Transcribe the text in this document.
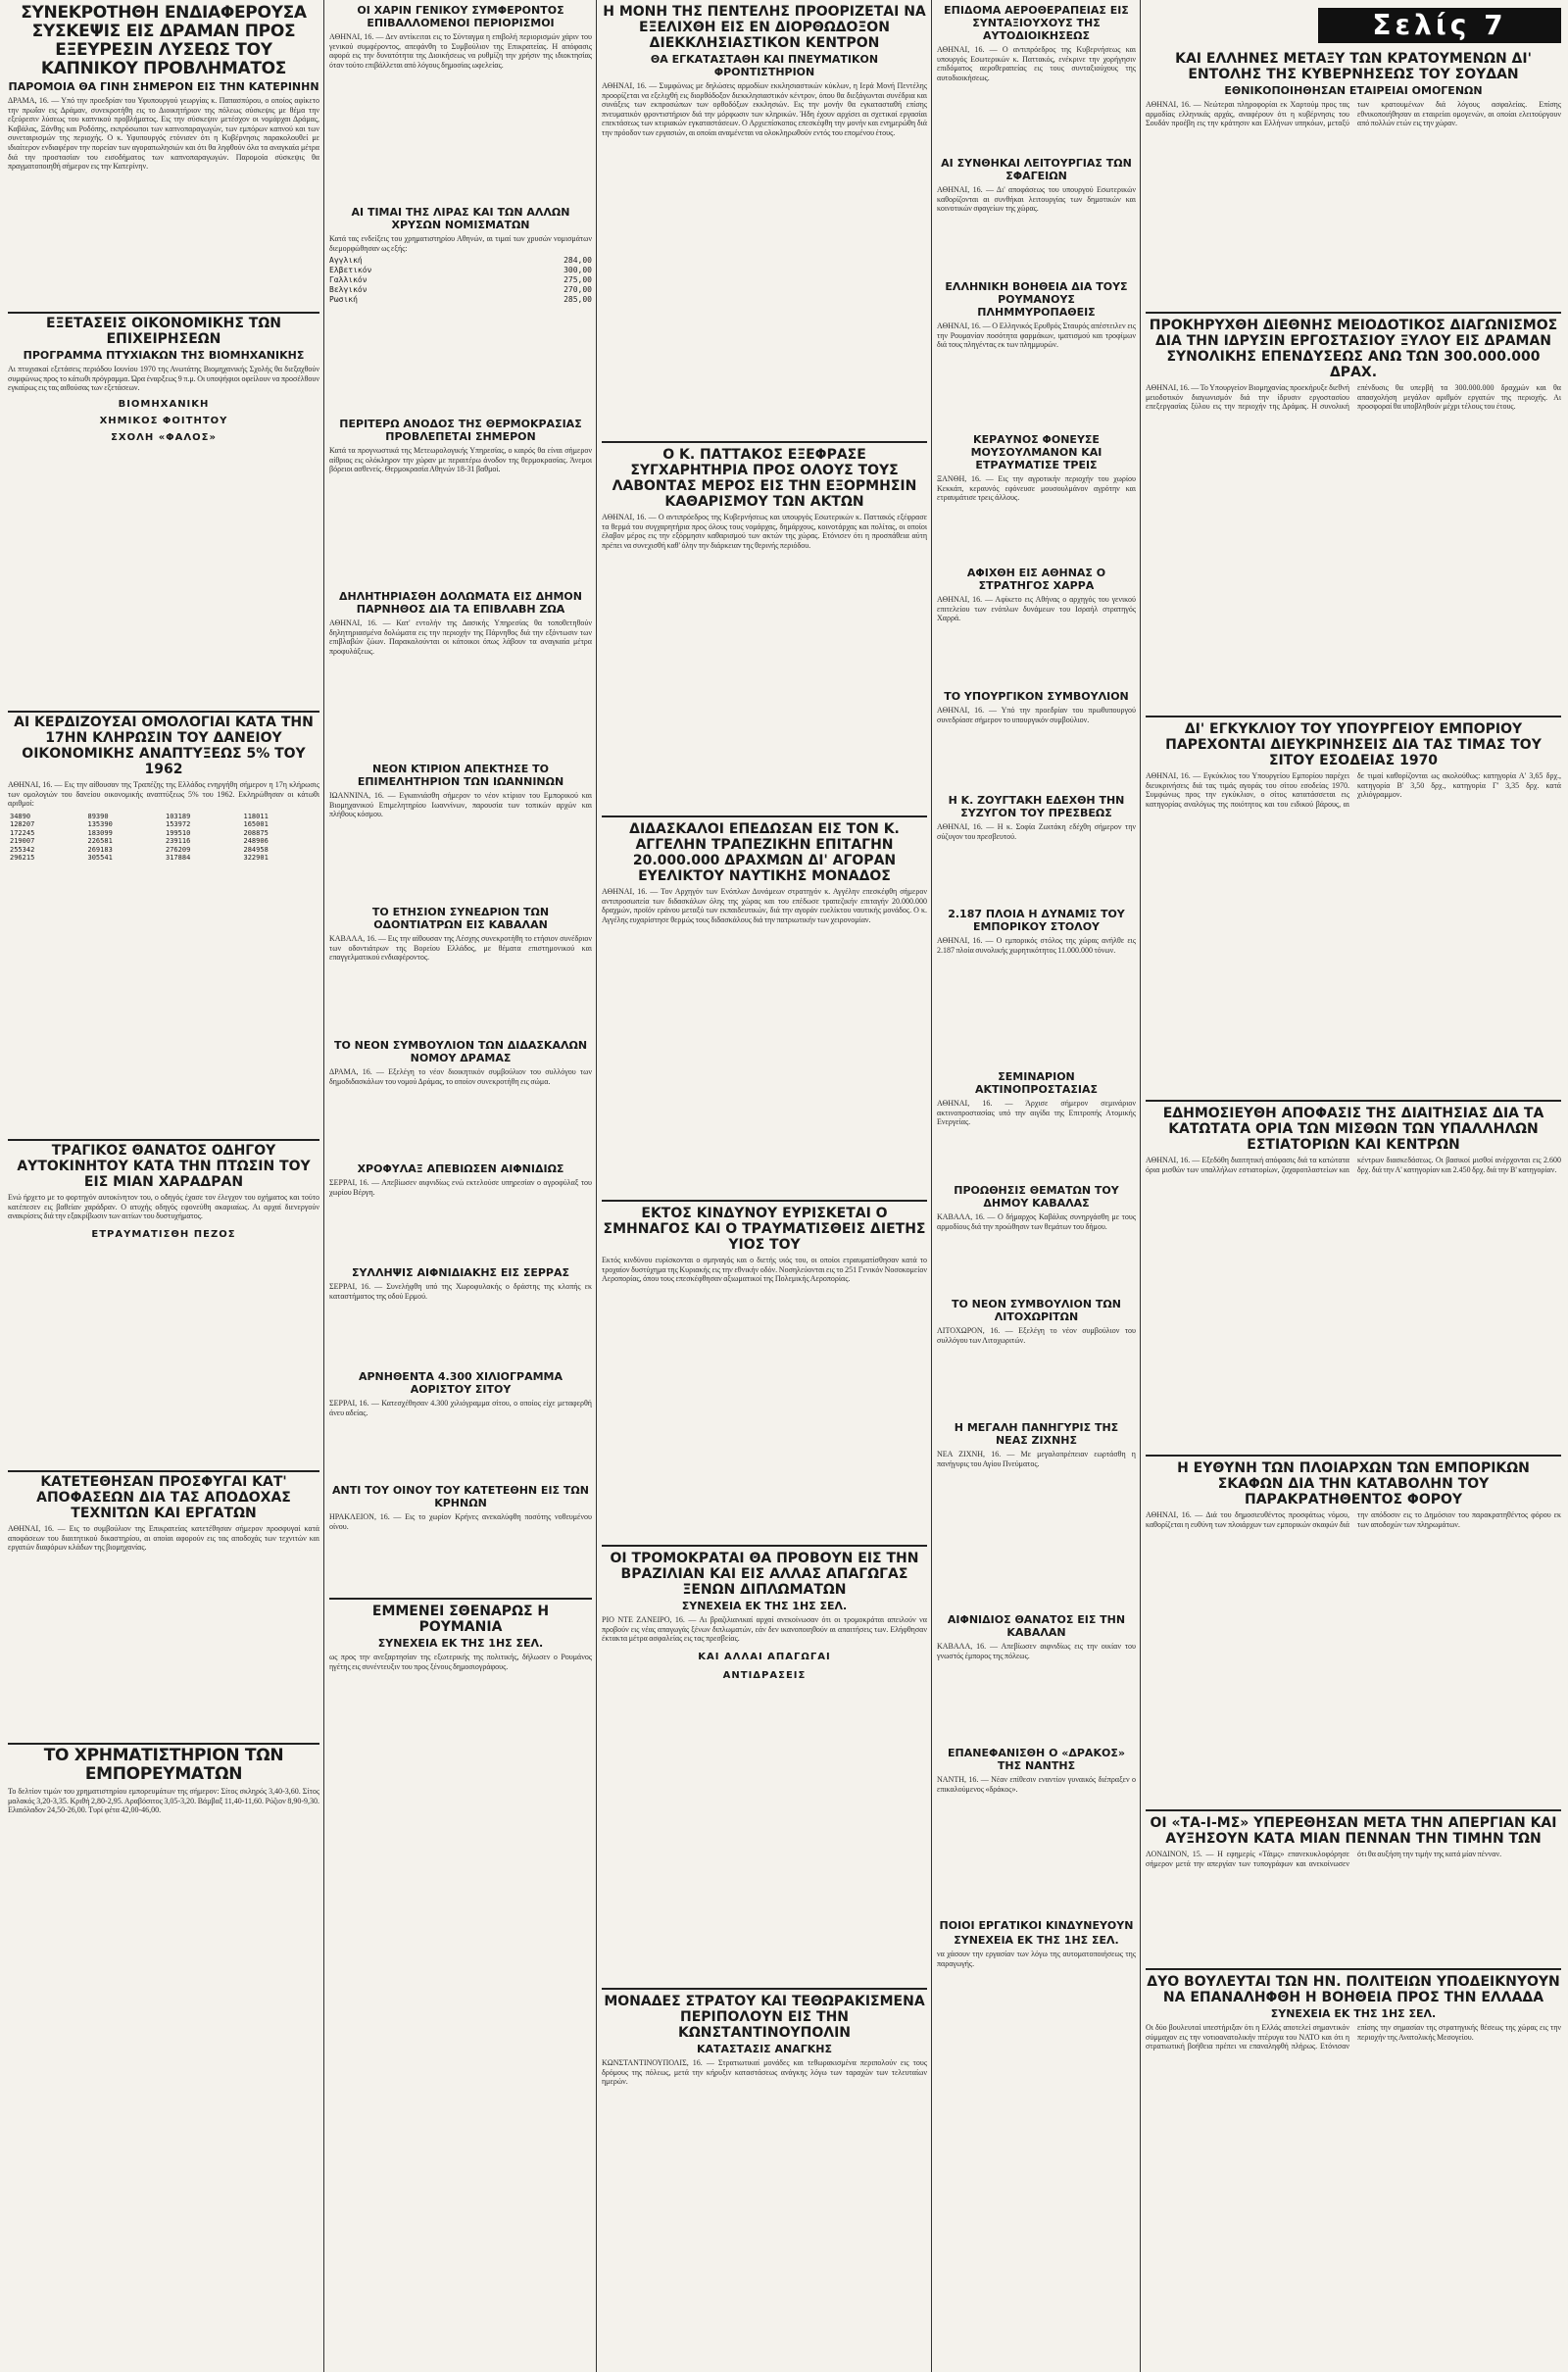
Σελίς 7
ΣΥΝΕΚΡΟΤΗΘΗ ΕΝΔΙΑΦΕΡΟΥΣΑ ΣΥΣΚΕΨΙΣ ΕΙΣ ΔΡΑΜΑΝ ΠΡΟΣ ΕΞΕΥΡΕΣΙΝ ΛΥΣΕΩΣ ΤΟΥ ΚΑΠΝΙΚΟΥ ΠΡΟΒΛΗΜΑΤΟΣ
ΠΑΡΟΜΟΙΑ ΘΑ ΓΙΝΗ ΣΗΜΕΡΟΝ ΕΙΣ ΤΗΝ ΚΑΤΕΡΙΝΗΝ
ΔΡΑΜΑ, 16. — Υπό την προεδρίαν του Υφυπουργού γεωργίας κ. Παπασπύρου, ο οποίος αφίκετο την πρωΐαν εις Δράμαν, συνεκροτήθη εις το Διοικητήριον της πόλεως σύσκεψις με θέμα την εξεύρεσιν λύσεως του καπνικού προβλήματος. Εις την σύσκεψιν μετέσχον οι νομάρχαι Δράμας, Καβάλας, Ξάνθης και Ροδόπης, εκπρόσωποι των καπνοπαραγωγών, των εμπόρων καπνού και των συνεταιρισμών της περιοχής. Ο κ. Υφυπουργός ετόνισεν ότι η Κυβέρνησις παρακολουθεί με ιδιαίτερον ενδιαφέρον την πορείαν των αγοραπωλησιών και ότι θα ληφθούν όλα τα αναγκαία μέτρα διά την προστασίαν του εισοδήματος των καπνοπαραγωγών. Παρομοία σύσκεψις θα πραγματοποιηθή σήμερον εις την Κατερίνην.
ΕΞΕΤΑΣΕΙΣ ΟΙΚΟΝΟΜΙΚΗΣ ΤΩΝ ΕΠΙΧΕΙΡΗΣΕΩΝ
ΠΡΟΓΡΑΜΜΑ ΠΤΥΧΙΑΚΩΝ ΤΗΣ ΒΙΟΜΗΧΑΝΙΚΗΣ
Αι πτυχιακαί εξετάσεις περιόδου Ιουνίου 1970 της Ανωτάτης Βιομηχανικής Σχολής θα διεξαχθούν συμφώνως προς το κάτωθι πρόγραμμα. Ώρα έναρξεως 9 π.μ. Οι υποψήφιοι οφείλουν να προσέλθουν εγκαίρως εις τας αιθούσας των εξετάσεων.
ΒΙΟΜΗΧΑΝΙΚΗ
ΧΗΜΙΚΟΣ ΦΟΙΤΗΤΟΥ
ΣΧΟΛΗ «ΦΑΛΟΣ»
ΑΙ ΚΕΡΔΙΖΟΥΣΑΙ ΟΜΟΛΟΓΙΑΙ ΚΑΤΑ ΤΗΝ 17ΗΝ ΚΛΗΡΩΣΙΝ ΤΟΥ ΔΑΝΕΙΟΥ ΟΙΚΟΝΟΜΙΚΗΣ ΑΝΑΠΤΥΞΕΩΣ 5% ΤΟΥ 1962
ΑΘΗΝΑΙ, 16. — Εις την αίθουσαν της Τραπέζης της Ελλάδος ενηργήθη σήμερον η 17η κλήρωσις των ομολογιών του δανείου οικονομικής αναπτύξεως 5% του 1962. Εκληρώθησαν οι κάτωθι αριθμοί:
34890	89390	103189	118011
128207	135390	153972	165001
172245	183099	199510	208875
219007	226581	239116	248906
255342	269183	276209	284958
296215	305541	317884	322901
ΤΡΑΓΙΚΟΣ ΘΑΝΑΤΟΣ ΟΔΗΓΟΥ ΑΥΤΟΚΙΝΗΤΟΥ ΚΑΤΑ ΤΗΝ ΠΤΩΣΙΝ ΤΟΥ ΕΙΣ ΜΙΑΝ ΧΑΡΑΔΡΑΝ
Ενώ ήρχετο με το φορτηγόν αυτοκίνητον του, ο οδηγός έχασε τον έλεγχον του οχήματος και τούτο κατέπεσεν εις βαθείαν χαράδραν. Ο ατυχής οδηγός εφονεύθη ακαριαίως. Αι αρχαί διενεργούν ανακρίσεις διά την εξακρίβωσιν των αιτίων του δυστυχήματος.
ΕΤΡΑΥΜΑΤΙΣΘΗ ΠΕΖΟΣ
ΚΑΤΕΤΕΘΗΣΑΝ ΠΡΟΣΦΥΓΑΙ ΚΑΤ' ΑΠΟΦΑΣΕΩΝ ΔΙΑ ΤΑΣ ΑΠΟΔΟΧΑΣ ΤΕΧΝΙΤΩΝ ΚΑΙ ΕΡΓΑΤΩΝ
ΑΘΗΝΑΙ, 16. — Εις το συμβούλιον της Επικρατείας κατετέθησαν σήμερον προσφυγαί κατά αποφάσεων του διαιτητικού δικαστηρίου, αι οποίαι αφορούν εις τας αποδοχάς των τεχνιτών και εργατών διαφόρων κλάδων της βιομηχανίας.
ΤΟ ΧΡΗΜΑΤΙΣΤΗΡΙΟΝ ΤΩΝ ΕΜΠΟΡΕΥΜΑΤΩΝ
Το δελτίον τιμών του χρηματιστηρίου εμπορευμάτων της σήμερον: Σίτος σκληρός 3,40-3,60. Σίτος μαλακός 3,20-3,35. Κριθή 2,80-2,95. Αραβόσιτος 3,05-3,20. Βάμβαξ 11,40-11,60. Ρύζιον 8,90-9,30. Ελαιόλαδον 24,50-26,00. Τυρί φέτα 42,00-46,00.
ΟΙ ΧΑΡΙΝ ΓΕΝΙΚΟΥ ΣΥΜΦΕΡΟΝΤΟΣ ΕΠΙΒΑΛΛΟΜΕΝΟΙ ΠΕΡΙΟΡΙΣΜΟΙ
ΑΘΗΝΑΙ, 16. — Δεν αντίκειται εις το Σύνταγμα η επιβολή περιορισμών χάριν του γενικού συμφέροντος, απεφάνθη το Συμβούλιον της Επικρατείας. Η απόφασις αφορά εις την δυνατότητα της Διοικήσεως να ρυθμίζη την χρήσιν της ιδιοκτησίας όταν τούτο επιβάλλεται από λόγους δημοσίας ωφελείας.
ΑΙ ΤΙΜΑΙ ΤΗΣ ΛΙΡΑΣ ΚΑΙ ΤΩΝ ΑΛΛΩΝ ΧΡΥΣΩΝ ΝΟΜΙΣΜΑΤΩΝ
Κατά τας ενδείξεις του χρηματιστηρίου Αθηνών, αι τιμαί των χρυσών νομισμάτων διεμορφώθησαν ως εξής:
Αγγλική	284,00
Ελβετικόν	300,00
Γαλλικόν	275,00
Βελγικόν	270,00
Ρωσική	285,00
ΠΕΡΙΤΕΡΩ ΑΝΟΔΟΣ ΤΗΣ ΘΕΡΜΟΚΡΑΣΙΑΣ ΠΡΟΒΛΕΠΕΤΑΙ ΣΗΜΕΡΟΝ
Κατά τα προγνωστικά της Μετεωρολογικής Υπηρεσίας, ο καιρός θα είναι σήμερον αίθριος εις ολόκληρον την χώραν με περαιτέρω άνοδον της θερμοκρασίας. Άνεμοι βόρειοι ασθενείς. Θερμοκρασία Αθηνών 18-31 βαθμοί.
ΔΗΛΗΤΗΡΙΑΣΘΗ ΔΟΛΩΜΑΤΑ ΕΙΣ ΔΗΜΟΝ ΠΑΡΝΗΘΟΣ ΔΙΑ ΤΑ ΕΠΙΒΛΑΒΗ ΖΩΑ
ΑΘΗΝΑΙ, 16. — Κατ' εντολήν της Δασικής Υπηρεσίας θα τοποθετηθούν δηλητηριασμένα δολώματα εις την περιοχήν της Πάρνηθος διά την εξόντωσιν των επιβλαβών ζώων. Παρακαλούνται οι κάτοικοι όπως λάβουν τα αναγκαία μέτρα προφυλάξεως.
ΝΕΟΝ ΚΤΙΡΙΟΝ ΑΠΕΚΤΗΣΕ ΤΟ ΕΠΙΜΕΛΗΤΗΡΙΟΝ ΤΩΝ ΙΩΑΝΝΙΝΩΝ
ΙΩΑΝΝΙΝΑ, 16. — Εγκαινιάσθη σήμερον το νέον κτίριον του Εμπορικού και Βιομηχανικού Επιμελητηρίου Ιωαννίνων, παρουσία των τοπικών αρχών και πλήθους κόσμου.
ΤΟ ΕΤΗΣΙΟΝ ΣΥΝΕΔΡΙΟΝ ΤΩΝ ΟΔΟΝΤΙΑΤΡΩΝ ΕΙΣ ΚΑΒΑΛΑΝ
ΚΑΒΑΛΑ, 16. — Εις την αίθουσαν της Λέσχης συνεκροτήθη το ετήσιον συνέδριον των οδοντιάτρων της Βορείου Ελλάδος, με θέματα επιστημονικού και επαγγελματικού ενδιαφέροντος.
ΤΟ ΝΕΟΝ ΣΥΜΒΟΥΛΙΟΝ ΤΩΝ ΔΙΔΑΣΚΑΛΩΝ ΝΟΜΟΥ ΔΡΑΜΑΣ
ΔΡΑΜΑ, 16. — Εξελέγη το νέον διοικητικόν συμβούλιον του συλλόγου των δημοδιδασκάλων του νομού Δράμας, το οποίον συνεκροτήθη εις σώμα.
ΧΡΟΦΥΛΑΞ ΑΠΕΒΙΩΣΕΝ ΑΙΦΝΙΔΙΩΣ
ΣΕΡΡΑΙ, 16. — Απεβίωσεν αιφνιδίως ενώ εκτελούσε υπηρεσίαν ο αγροφύλαξ του χωρίου Βέργη.
ΣΥΛΛΗΨΙΣ ΑΙΦΝΙΔΙΑΚΗΣ ΕΙΣ ΣΕΡΡΑΣ
ΣΕΡΡΑΙ, 16. — Συνελήφθη υπό της Χωροφυλακής ο δράστης της κλοπής εκ καταστήματος της οδού Ερμού.
ΑΡΝΗΘΕΝΤΑ 4.300 ΧΙΛΙΟΓΡΑΜΜΑ ΑΟΡΙΣΤΟΥ ΣΙΤΟΥ
ΣΕΡΡΑΙ, 16. — Κατεσχέθησαν 4.300 χιλιόγραμμα σίτου, ο οποίος είχε μεταφερθή άνευ αδείας.
ΑΝΤΙ ΤΟΥ ΟΙΝΟΥ ΤΟΥ ΚΑΤΕΤΕΘΗΝ ΕΙΣ ΤΩΝ ΚΡΗΝΩΝ
ΗΡΑΚΛΕΙΟΝ, 16. — Εις το χωρίον Κρήνες ανεκαλύφθη ποσότης νοθευμένου οίνου.
ΕΜΜΕΝΕΙ ΣΘΕΝΑΡΩΣ Η ΡΟΥΜΑΝΙΑ
ΣΥΝΕΧΕΙΑ ΕΚ ΤΗΣ 1ΗΣ ΣΕΛ.
ως προς την ανεξαρτησίαν της εξωτερικής της πολιτικής, δήλωσεν ο Ρουμάνος ηγέτης εις συνέντευξιν του προς ξένους δημοσιογράφους.
Η ΜΟΝΗ ΤΗΣ ΠΕΝΤΕΛΗΣ ΠΡΟΟΡΙΖΕΤΑΙ ΝΑ ΕΞΕΛΙΧΘΗ ΕΙΣ ΕΝ ΔΙΟΡΘΩΔΟΞΟΝ ΔΙΕΚΚΛΗΣΙΑΣΤΙΚΟΝ ΚΕΝΤΡΟΝ
ΘΑ ΕΓΚΑΤΑΣΤΑΘΗ ΚΑΙ ΠΝΕΥΜΑΤΙΚΟΝ ΦΡΟΝΤΙΣΤΗΡΙΟΝ
ΑΘΗΝΑΙ, 16. — Συμφώνως με δηλώσεις αρμοδίων εκκλησιαστικών κύκλων, η Ιερά Μονή Πεντέλης προορίζεται να εξελιχθή εις διορθόδοξον διεκκλησιαστικόν κέντρον, όπου θα διεξάγωνται συνέδρια και συνάξεις των εκπροσώπων των ορθοδόξων εκκλησιών. Εις την μονήν θα εγκατασταθή επίσης πνευματικόν φροντιστήριον διά την μόρφωσιν των κληρικών. Ήδη έχουν αρχίσει αι σχετικαί εργασίαι επεκτάσεως των κτιριακών εγκαταστάσεων. Ο Αρχιεπίσκοπος επεσκέφθη την μονήν και ενημερώθη διά την πρόοδον των εργασιών, αι οποίαι αναμένεται να ολοκληρωθούν εντός του επομένου έτους.
Ο Κ. ΠΑΤΤΑΚΟΣ ΕΞΕΦΡΑΣΕ ΣΥΓΧΑΡΗΤΗΡΙΑ ΠΡΟΣ ΟΛΟΥΣ ΤΟΥΣ ΛΑΒΟΝΤΑΣ ΜΕΡΟΣ ΕΙΣ ΤΗΝ ΕΞΟΡΜΗΣΙΝ ΚΑΘΑΡΙΣΜΟΥ ΤΩΝ ΑΚΤΩΝ
ΑΘΗΝΑΙ, 16. — Ο αντιπρόεδρος της Κυβερνήσεως και υπουργός Εσωτερικών κ. Παττακός εξέφρασε τα θερμά του συγχαρητήρια προς όλους τους νομάρχας, δημάρχους, κοινοτάρχας και πολίτας, οι οποίοι έλαβον μέρος εις την εξόρμησιν καθαρισμού των ακτών της χώρας. Ετόνισεν ότι η προσπάθεια αύτη πρέπει να συνεχισθή καθ' όλην την διάρκειαν της θερινής περιόδου.
ΔΙΔΑΣΚΑΛΟΙ ΕΠΕΔΩΣΑΝ ΕΙΣ ΤΟΝ Κ. ΑΓΓΕΛΗΝ ΤΡΑΠΕΖΙΚΗΝ ΕΠΙΤΑΓΗΝ 20.000.000 ΔΡΑΧΜΩΝ ΔΙ' ΑΓΟΡΑΝ ΕΥΕΛΙΚΤΟΥ ΝΑΥΤΙΚΗΣ ΜΟΝΑΔΟΣ
ΑΘΗΝΑΙ, 16. — Τον Αρχηγόν των Ενόπλων Δυνάμεων στρατηγόν κ. Αγγέλην επεσκέφθη σήμερον αντιπροσωπεία των διδασκάλων όλης της χώρας και του επέδωσε τραπεζικήν επιταγήν 20.000.000 δραχμών, προϊόν εράνου μεταξύ των εκπαιδευτικών, διά την αγοράν ευελίκτου ναυτικής μονάδος. Ο κ. Αγγέλης ευχαρίστησε θερμώς τους διδασκάλους διά την πατριωτικήν των χειρονομίαν.
ΕΚΤΟΣ ΚΙΝΔΥΝΟΥ ΕΥΡΙΣΚΕΤΑΙ Ο ΣΜΗΝΑΓΟΣ ΚΑΙ Ο ΤΡΑΥΜΑΤΙΣΘΕΙΣ ΔΙΕΤΗΣ ΥΙΟΣ ΤΟΥ
Εκτός κινδύνου ευρίσκονται ο σμηναγός και ο διετής υιός του, οι οποίοι ετραυματίσθησαν κατά το τροχαίον δυστύχημα της Κυριακής εις την εθνικήν οδόν. Νοσηλεύονται εις το 251 Γενικόν Νοσοκομείον Αεροπορίας, όπου τους επεσκέφθησαν αξιωματικοί της Πολεμικής Αεροπορίας.
ΟΙ ΤΡΟΜΟΚΡΑΤΑΙ ΘΑ ΠΡΟΒΟΥΝ ΕΙΣ ΤΗΝ ΒΡΑΖΙΛΙΑΝ ΚΑΙ ΕΙΣ ΑΛΛΑΣ ΑΠΑΓΩΓΑΣ ΞΕΝΩΝ ΔΙΠΛΩΜΑΤΩΝ
ΣΥΝΕΧΕΙΑ ΕΚ ΤΗΣ 1ΗΣ ΣΕΛ.
ΡΙΟ ΝΤΕ ΖΑΝΕΙΡΟ, 16. — Αι βραζιλιανικαί αρχαί ανεκοίνωσαν ότι οι τρομοκράται απειλούν να προβούν εις νέας απαγωγάς ξένων διπλωματών, εάν δεν ικανοποιηθούν αι απαιτήσεις των. Ελήφθησαν έκτακτα μέτρα ασφαλείας εις τας πρεσβείας.
ΚΑΙ ΑΛΛΑΙ ΑΠΑΓΩΓΑΙ
ΑΝΤΙΔΡΑΣΕΙΣ
ΜΟΝΑΔΕΣ ΣΤΡΑΤΟΥ ΚΑΙ ΤΕΘΩΡΑΚΙΣΜΕΝΑ ΠΕΡΙΠΟΛΟΥΝ ΕΙΣ ΤΗΝ ΚΩΝΣΤΑΝΤΙΝΟΥΠΟΛΙΝ
ΚΑΤΑΣΤΑΣΙΣ ΑΝΑΓΚΗΣ
ΚΩΝΣΤΑΝΤΙΝΟΥΠΟΛΙΣ, 16. — Στρατιωτικαί μονάδες και τεθωρακισμένα περιπολούν εις τους δρόμους της πόλεως, μετά την κήρυξιν καταστάσεως ανάγκης λόγω των ταραχών των τελευταίων ημερών.
ΕΠΙΔΟΜΑ ΑΕΡΟΘΕΡΑΠΕΙΑΣ ΕΙΣ ΣΥΝΤΑΞΙΟΥΧΟΥΣ ΤΗΣ ΑΥΤΟΔΙΟΙΚΗΣΕΩΣ
ΑΘΗΝΑΙ, 16. — Ο αντιπρόεδρος της Κυβερνήσεως και υπουργός Εσωτερικών κ. Παττακός, ενέκρινε την χορήγησιν επιδόματος αεροθεραπείας εις τους συνταξιούχους της αυτοδιοικήσεως.
ΑΙ ΣΥΝΘΗΚΑΙ ΛΕΙΤΟΥΡΓΙΑΣ ΤΩΝ ΣΦΑΓΕΙΩΝ
ΑΘΗΝΑΙ, 16. — Δι' αποφάσεως του υπουργού Εσωτερικών καθορίζονται αι συνθήκαι λειτουργίας των δημοτικών και κοινοτικών σφαγείων της χώρας.
ΕΛΛΗΝΙΚΗ ΒΟΗΘΕΙΑ ΔΙΑ ΤΟΥΣ ΡΟΥΜΑΝΟΥΣ ΠΛΗΜΜΥΡΟΠΑΘΕΙΣ
ΑΘΗΝΑΙ, 16. — Ο Ελληνικός Ερυθρός Σταυρός απέστειλεν εις την Ρουμανίαν ποσότητα φαρμάκων, ιματισμού και τροφίμων διά τους πληγέντας εκ των πλημμυρών.
ΚΕΡΑΥΝΟΣ ΦΟΝΕΥΣΕ ΜΟΥΣΟΥΛΜΑΝΟΝ ΚΑΙ ΕΤΡΑΥΜΑΤΙΣΕ ΤΡΕΙΣ
ΞΑΝΘΗ, 16. — Εις την αγροτικήν περιοχήν του χωρίου Κεκκάπ, κεραυνός εφόνευσε μουσουλμάνον αγρότην και ετραυμάτισε τρεις άλλους.
ΑΦΙΧΘΗ ΕΙΣ ΑΘΗΝΑΣ Ο ΣΤΡΑΤΗΓΟΣ ΧΑΡΡΑ
ΑΘΗΝΑΙ, 16. — Αφίκετο εις Αθήνας ο αρχηγός του γενικού επιτελείου των ενόπλων δυνάμεων του Ισραήλ στρατηγός Χαρρά.
ΤΟ ΥΠΟΥΡΓΙΚΟΝ ΣΥΜΒΟΥΛΙΟΝ
ΑΘΗΝΑΙ, 16. — Υπό την προεδρίαν του πρωθυπουργού συνεδρίασε σήμερον το υπουργικόν συμβούλιον.
Η Κ. ΖΟΥΓΤΑΚΗ ΕΔΕΧΘΗ ΤΗΝ ΣΥΖΥΓΟΝ ΤΟΥ ΠΡΕΣΒΕΩΣ
ΑΘΗΝΑΙ, 16. — Η κ. Σοφία Ζωιτάκη εδέχθη σήμερον την σύζυγον του πρεσβευτού.
2.187 ΠΛΟΙΑ Η ΔΥΝΑΜΙΣ ΤΟΥ ΕΜΠΟΡΙΚΟΥ ΣΤΟΛΟΥ
ΑΘΗΝΑΙ, 16. — Ο εμπορικός στόλος της χώρας ανήλθε εις 2.187 πλοία συνολικής χωρητικότητος 11.000.000 τόνων.
ΣΕΜΙΝΑΡΙΟΝ ΑΚΤΙΝΟΠΡΟΣΤΑΣΙΑΣ
ΑΘΗΝΑΙ, 16. — Άρχισε σήμερον σεμινάριον ακτινοπροστασίας υπό την αιγίδα της Επιτροπής Ατομικής Ενεργείας.
ΠΡΟΩΘΗΣΙΣ ΘΕΜΑΤΩΝ ΤΟΥ ΔΗΜΟΥ ΚΑΒΑΛΑΣ
ΚΑΒΑΛΑ, 16. — Ο δήμαρχος Καβάλας συνηργάσθη με τους αρμοδίους διά την προώθησιν των θεμάτων του δήμου.
ΤΟ ΝΕΟΝ ΣΥΜΒΟΥΛΙΟΝ ΤΩΝ ΛΙΤΟΧΩΡΙΤΩΝ
ΛΙΤΟΧΩΡΟΝ, 16. — Εξελέγη το νέον συμβούλιον του συλλόγου των Λιτοχωριτών.
Η ΜΕΓΑΛΗ ΠΑΝΗΓΥΡΙΣ ΤΗΣ ΝΕΑΣ ΖΙΧΝΗΣ
ΝΕΑ ΖΙΧΝΗ, 16. — Με μεγαλοπρέπειαν εωρτάσθη η πανήγυρις του Αγίου Πνεύματος.
ΑΙΦΝΙΔΙΟΣ ΘΑΝΑΤΟΣ ΕΙΣ ΤΗΝ ΚΑΒΑΛΑΝ
ΚΑΒΑΛΑ, 16. — Απεβίωσεν αιφνιδίως εις την οικίαν του γνωστός έμπορος της πόλεως.
ΕΠΑΝΕΦΑΝΙΣΘΗ Ο «ΔΡΑΚΟΣ» ΤΗΣ ΝΑΝΤΗΣ
ΝΑΝΤΗ, 16. — Νέαν επίθεσιν εναντίον γυναικός διέπραξεν ο επικαλούμενος «δράκος».
ΠΟΙΟΙ ΕΡΓΑΤΙΚΟΙ ΚΙΝΔΥΝΕΥΟΥΝ
ΣΥΝΕΧΕΙΑ ΕΚ ΤΗΣ 1ΗΣ ΣΕΛ.
να χάσουν την εργασίαν των λόγω της αυτοματοποιήσεως της παραγωγής.
ΚΑΙ ΕΛΛΗΝΕΣ ΜΕΤΑΞΥ ΤΩΝ ΚΡΑΤΟΥΜΕΝΩΝ ΔΙ' ΕΝΤΟΛΗΣ ΤΗΣ ΚΥΒΕΡΝΗΣΕΩΣ ΤΟΥ ΣΟΥΔΑΝ
ΕΘΝΙΚΟΠΟΙΗΘΗΣΑΝ ΕΤΑΙΡΕΙΑΙ ΟΜΟΓΕΝΩΝ
ΑΘΗΝΑΙ, 16. — Νεώτεραι πληροφορίαι εκ Χαρτούμ προς τας αρμοδίας ελληνικάς αρχάς, αναφέρουν ότι η κυβέρνησις του Σουδάν προέβη εις την κράτησιν και Ελλήνων υπηκόων, μεταξύ των κρατουμένων διά λόγους ασφαλείας. Επίσης εθνικοποιήθησαν αι εταιρείαι ομογενών, αι οποίαι ελειτούργουν από πολλών ετών εις την χώραν.
ΠΡΟΚΗΡΥΧΘΗ ΔΙΕΘΝΗΣ ΜΕΙΟΔΟΤΙΚΟΣ ΔΙΑΓΩΝΙΣΜΟΣ ΔΙΑ ΤΗΝ ΙΔΡΥΣΙΝ ΕΡΓΟΣΤΑΣΙΟΥ ΞΥΛΟΥ ΕΙΣ ΔΡΑΜΑΝ ΣΥΝΟΛΙΚΗΣ ΕΠΕΝΔΥΣΕΩΣ ΑΝΩ ΤΩΝ 300.000.000 ΔΡΑΧ.
ΑΘΗΝΑΙ, 16. — Το Υπουργείον Βιομηχανίας προεκήρυξε διεθνή μειοδοτικόν διαγωνισμόν διά την ίδρυσιν εργοστασίου επεξεργασίας ξύλου εις την περιοχήν της Δράμας. Η συνολική επένδυσις θα υπερβή τα 300.000.000 δραχμών και θα απασχολήση μεγάλον αριθμόν εργατών της περιοχής. Αι προσφοραί θα υποβληθούν μέχρι τέλους του έτους.
ΔΙ' ΕΓΚΥΚΛΙΟΥ ΤΟΥ ΥΠΟΥΡΓΕΙΟΥ ΕΜΠΟΡΙΟΥ ΠΑΡΕΧΟΝΤΑΙ ΔΙΕΥΚΡΙΝΗΣΕΙΣ ΔΙΑ ΤΑΣ ΤΙΜΑΣ ΤΟΥ ΣΙΤΟΥ ΕΣΟΔΕΙΑΣ 1970
ΑΘΗΝΑΙ, 16. — Εγκύκλιος του Υπουργείου Εμπορίου παρέχει διευκρινήσεις διά τας τιμάς αγοράς του σίτου εσοδείας 1970. Συμφώνως προς την εγκύκλιον, ο σίτος κατατάσσεται εις κατηγορίας αναλόγως της ποιότητος και του ειδικού βάρους, αι δε τιμαί καθορίζονται ως ακολούθως: κατηγορία Α' 3,65 δρχ., κατηγορία Β' 3,50 δρχ., κατηγορία Γ' 3,35 δρχ. κατά χιλιόγραμμον.
ΕΔΗΜΟΣΙΕΥΘΗ ΑΠΟΦΑΣΙΣ ΤΗΣ ΔΙΑΙΤΗΣΙΑΣ ΔΙΑ ΤΑ ΚΑΤΩΤΑΤΑ ΟΡΙΑ ΤΩΝ ΜΙΣΘΩΝ ΤΩΝ ΥΠΑΛΛΗΛΩΝ ΕΣΤΙΑΤΟΡΙΩΝ ΚΑΙ ΚΕΝΤΡΩΝ
ΑΘΗΝΑΙ, 16. — Εξεδόθη διαιτητική απόφασις διά τα κατώτατα όρια μισθών των υπαλλήλων εστιατορίων, ζαχαροπλαστείων και κέντρων διασκεδάσεως. Οι βασικοί μισθοί ανέρχονται εις 2.600 δρχ. διά την Α' κατηγορίαν και 2.450 δρχ. διά την Β' κατηγορίαν.
Η ΕΥΘΥΝΗ ΤΩΝ ΠΛΟΙΑΡΧΩΝ ΤΩΝ ΕΜΠΟΡΙΚΩΝ ΣΚΑΦΩΝ ΔΙΑ ΤΗΝ ΚΑΤΑΒΟΛΗΝ ΤΟΥ ΠΑΡΑΚΡΑΤΗΘΕΝΤΟΣ ΦΟΡΟΥ
ΑΘΗΝΑΙ, 16. — Διά του δημοσιευθέντος προσφάτως νόμου, καθορίζεται η ευθύνη των πλοιάρχων των εμπορικών σκαφών διά την απόδοσιν εις το Δημόσιον του παρακρατηθέντος φόρου εκ των αποδοχών των πληρωμάτων.
ΟΙ «ΤΑ-Ι-ΜΣ» ΥΠΕΡΕΘΗΣΑΝ ΜΕΤΑ ΤΗΝ ΑΠΕΡΓΙΑΝ ΚΑΙ ΑΥΞΗΣΟΥΝ ΚΑΤΑ ΜΙΑΝ ΠΕΝΝΑΝ ΤΗΝ ΤΙΜΗΝ ΤΩΝ
ΛΟΝΔΙΝΟΝ, 15. — Η εφημερίς «Τάιμς» επανεκυκλοφόρησε σήμερον μετά την απεργίαν των τυπογράφων και ανεκοίνωσεν ότι θα αυξήση την τιμήν της κατά μίαν πένναν.
ΔΥΟ ΒΟΥΛΕΥΤΑΙ ΤΩΝ ΗΝ. ΠΟΛΙΤΕΙΩΝ ΥΠΟΔΕΙΚΝΥΟΥΝ ΝΑ ΕΠΑΝΑΛΗΦΘΗ Η ΒΟΗΘΕΙΑ ΠΡΟΣ ΤΗΝ ΕΛΛΑΔΑ
ΣΥΝΕΧΕΙΑ ΕΚ ΤΗΣ 1ΗΣ ΣΕΛ.
Οι δύο βουλευταί υπεστήριξαν ότι η Ελλάς αποτελεί σημαντικόν σύμμαχον εις την νοτιοανατολικήν πτέρυγα του ΝΑΤΟ και ότι η στρατιωτική βοήθεια πρέπει να επαναληφθή πλήρως. Ετόνισαν επίσης την σημασίαν της στρατηγικής θέσεως της χώρας εις την περιοχήν της Ανατολικής Μεσογείου.
